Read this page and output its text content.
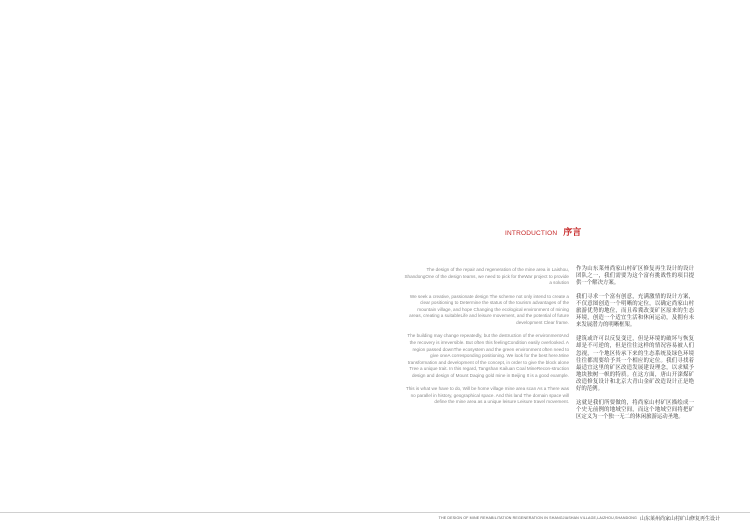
INTRODUCTION 序言

The design of the repair and regeneration of the mine area in Laishou, ShandongOne of the design teams, we need to pick for theWar project to provide a solution

We seek a creative, passionate design The scheme not only intend to create a clear positioning to Determine the status of the tourism advantages of the mountain village, and hope Changing the ecological environment of mining areas, creating a suitableLife and leisure movement, and the potential of future development Clear frame.

The building may change repeatedly, but the destruction of the environmentAnd the recovery is irreversible. But often this feelingCondition easily overlooked. A region passed downThe ecosystem and the green environment often need to give oneA corresponding positioning. We look for the best here.Mine transformation and development of the concept, in order to give the block alone Tree a unique trait. In this regard, Tangshan Kailuan Coal MineRecon-struction design and design of Mount Daqing gold mine in Beijing It is a good example.

This is what we have to do, Will be home village mine area scan As a There was no parallel in history, geographical space. And this land The domain space will define the mine area as a unique leisure Leisure travel movement.

作为山东莱州尚家山村矿区修复再生设计的设计团队之一，我们需要为这个富有挑战性的项目提供一个解决方案。

我们寻求一个富有创意，充满激情的设计方案，不仅意图创造一个明晰的定位，以确定尚家山村旅游优势的地位，而且希冀改变矿区原来的生态环境，创造一个适宜生活和休闲运动，及拥有未来发展潜力的明晰框架。

建筑或许可以反复变迁，但是环境的破坏与恢复却是不可逆的，但是往往这样的情况容易被人们忽视，一个地区传承下来的生态系统及绿色环境往往都需要给予其一个相应的定位。我们寻找着最适宜这里的矿区改造发展建设理念，以求赋予地块独树一帜的特质。在这方面，唐山开滦煤矿改造修复设计和北京大青山金矿改造设计正是绝好的范例。

这就是我们所要做的，将尚家山村矿区描绘成一个史无前例的地域空间，而这个地域空间将把矿区定义为一个独一无二的休闲旅游运动圣地。

THE DESIGN OF MINE REHABILITATION REGENERATION IN SHANGJIASHAN VILLAGE,LAIZHOU,SHANDONG 山东莱州尚家山村矿山修复再生设计
